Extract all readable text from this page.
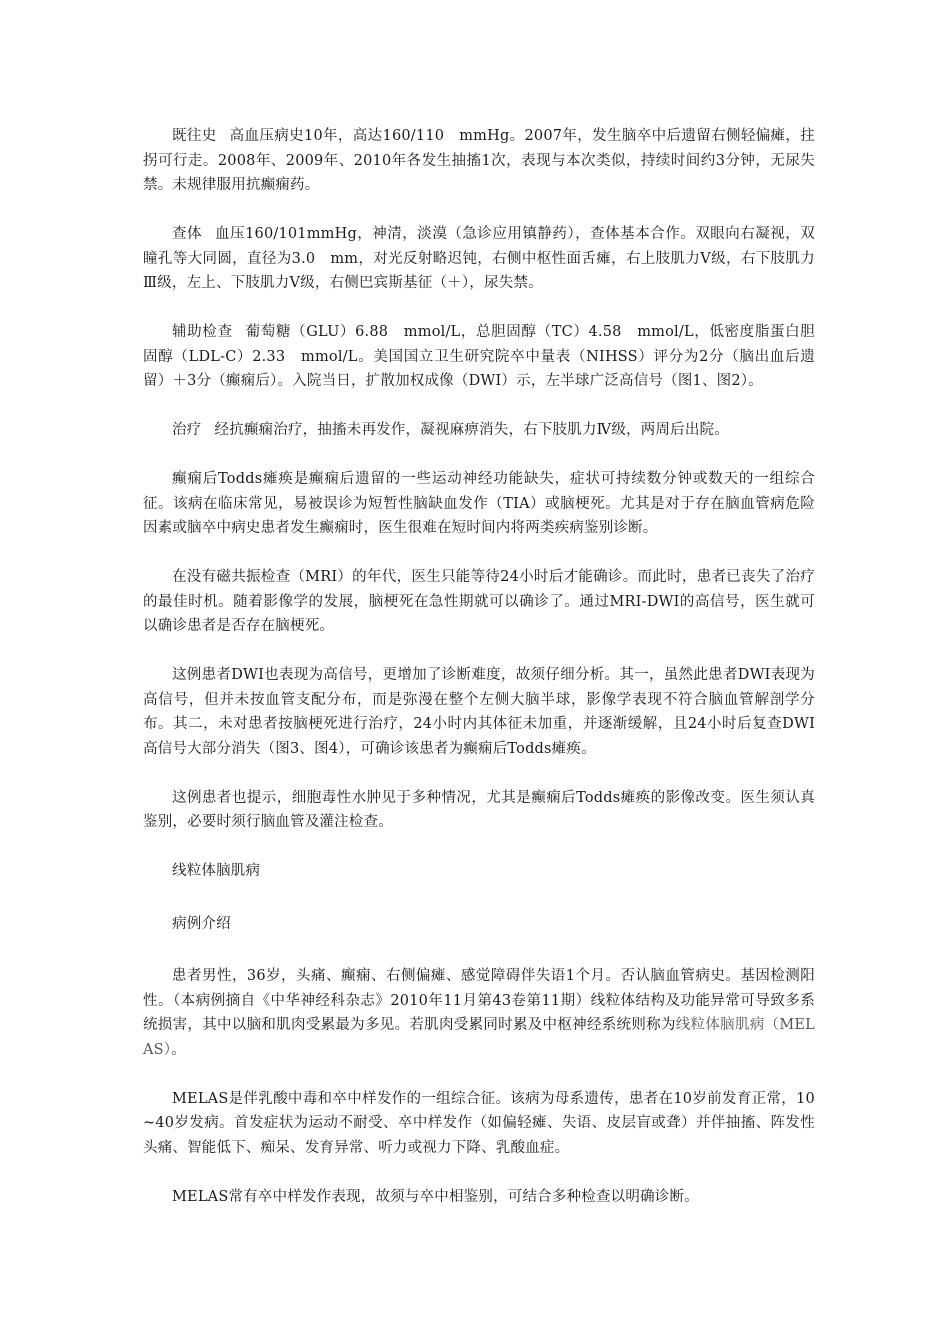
既往史 高血压病史10年，高达160/110　mmHg。2007年，发生脑卒中后遗留右侧轻偏瘫，拄拐可行走。2008年、2009年、2010年各发生抽搐1次，表现与本次类似，持续时间约3分钟，无尿失禁。未规律服用抗癫痫药。

查体 血压160/101mmHg，神清，淡漠（急诊应用镇静药），查体基本合作。双眼向右凝视，双瞳孔等大同圆，直径为3.0　mm，对光反射略迟钝，右侧中枢性面舌瘫，右上肢肌力Ⅴ级，右下肢肌力Ⅲ级，左上、下肢肌力Ⅴ级，右侧巴宾斯基征（＋），尿失禁。

辅助检查 葡萄糖（GLU）6.88　mmol/L，总胆固醇（TC）4.58　mmol/L，低密度脂蛋白胆固醇（LDL-C）2.33　mmol/L。美国国立卫生研究院卒中量表（NIHSS）评分为2分（脑出血后遗留）＋3分（癫痫后）。入院当日，扩散加权成像（DWI）示，左半球广泛高信号（图1、图2）。

治疗 经抗癫痫治疗，抽搐未再发作，凝视麻痹消失，右下肢肌力Ⅳ级，两周后出院。

癫痫后Todds瘫痪是癫痫后遗留的一些运动神经功能缺失，症状可持续数分钟或数天的一组综合征。该病在临床常见，易被误诊为短暂性脑缺血发作（TIA）或脑梗死。尤其是对于存在脑血管病危险因素或脑卒中病史患者发生癫痫时，医生很难在短时间内将两类疾病鉴别诊断。

在没有磁共振检查（MRI）的年代，医生只能等待24小时后才能确诊。而此时，患者已丧失了治疗的最佳时机。随着影像学的发展，脑梗死在急性期就可以确诊了。通过MRI-DWI的高信号，医生就可以确诊患者是否存在脑梗死。

这例患者DWI也表现为高信号，更增加了诊断难度，故须仔细分析。其一，虽然此患者DWI表现为高信号，但并未按血管支配分布，而是弥漫在整个左侧大脑半球，影像学表现不符合脑血管解剖学分布。其二，未对患者按脑梗死进行治疗，24小时内其体征未加重，并逐渐缓解，且24小时后复查DWI高信号大部分消失（图3、图4），可确诊该患者为癫痫后Todds瘫痪。

这例患者也提示，细胞毒性水肿见于多种情况，尤其是癫痫后Todds瘫痪的影像改变。医生须认真鉴别，必要时须行脑血管及灌注检查。

线粒体脑肌病

病例介绍

患者男性，36岁，头痛、癫痫、右侧偏瘫、感觉障碍伴失语1个月。否认脑血管病史。基因检测阳性。（本病例摘自《中华神经科杂志》2010年11月第43卷第11期）线粒体结构及功能异常可导致多系统损害，其中以脑和肌肉受累最为多见。若肌肉受累同时累及中枢神经系统则称为线粒体脑肌病（MELAS）。

MELAS是伴乳酸中毒和卒中样发作的一组综合征。该病为母系遗传，患者在10岁前发育正常，10~40岁发病。首发症状为运动不耐受、卒中样发作（如偏轻瘫、失语、皮层盲或聋）并伴抽搐、阵发性头痛、智能低下、痴呆、发育异常、听力或视力下降、乳酸血症。

MELAS常有卒中样发作表现，故须与卒中相鉴别，可结合多种检查以明确诊断。
